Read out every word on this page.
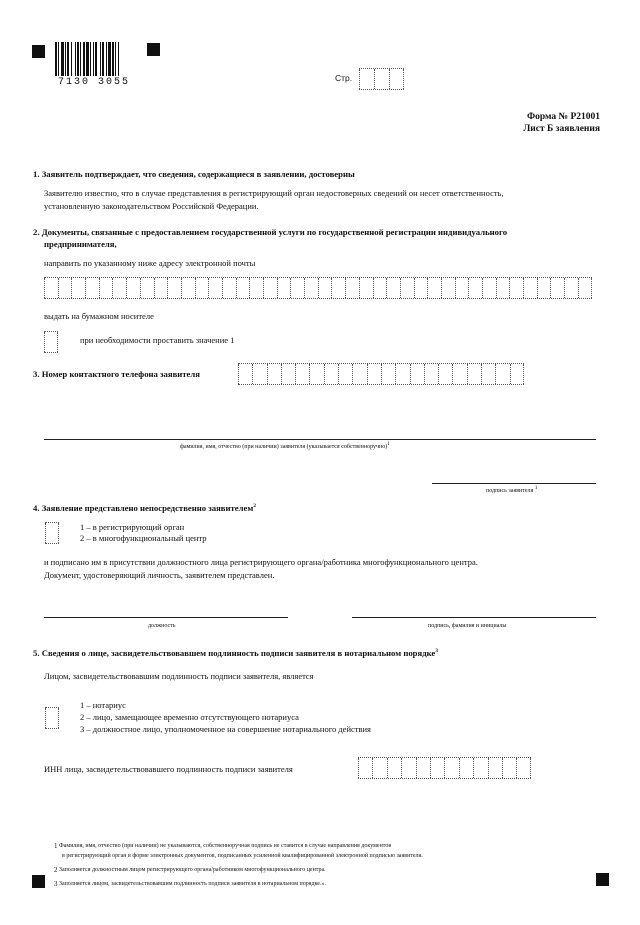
7130 3055	Стр.
Форма № Р21001
Лист Б заявления
1. Заявитель подтверждает, что сведения, содержащиеся в заявлении, достоверны
Заявителю известно, что в случае представления в регистрирующий орган недостоверных сведений он несет ответственность,
установленную законодательством Российской Федерации.
2. Документы, связанные с предоставлением государственной услуги по государственной регистрации индивидуального
предпринимателя,
направить по указанному ниже адресу электронной почты
выдать на бумажном носителе
при необходимости проставить значение 1
3. Номер контактного телефона заявителя
фамилия, имя, отчество (при наличии) заявителя (указывается собственноручно)$^1$
подпись заявителя $^1$
4. Заявление представлено непосредственно заявителем$^2$
1 – в регистрирующий орган
2 – в многофункциональный центр
и подписано им в присутствии должностного лица регистрирующего органа/работника многофункционального центра.
Документ, удостоверяющий личность, заявителем представлен.
должность	подпись, фамилия и инициалы
5. Сведения о лице, засвидетельствовавшем подлинность подписи заявителя в нотариальном порядке$^3$
Лицом, засвидетельствовавшим подлинность подписи заявителя, является
1 – нотариус
2 – лицо, замещающее временно отсутствующего нотариуса
3 – должностное лицо, уполномоченное на совершение нотариального действия
ИНН лица, засвидетельствовавшего подлинность подписи заявителя
1 Фамилия, имя, отчество (при наличии) не указываются, собственноручная подпись не ставится в случае направления документов
в регистрирующий орган в форме электронных документов, подписанных усиленной квалифицированной электронной подписью заявителя.
2 Заполняется должностным лицом регистрирующего органа/работником многофункционального центра.
3 Заполняется лицом, засвидетельствовавшим подлинность подписи заявителя в нотариальном порядке.».
